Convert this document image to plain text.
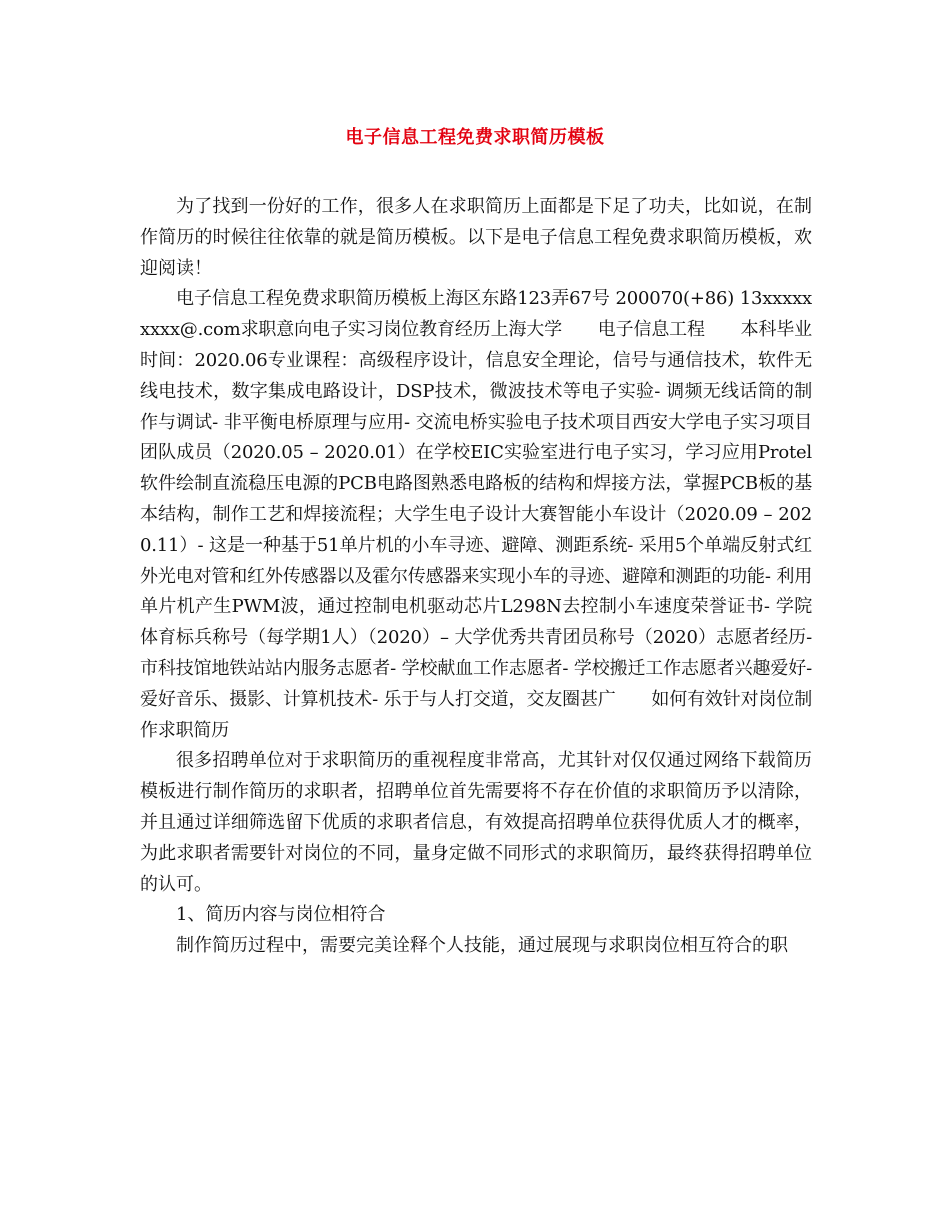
电子信息工程免费求职简历模板

为了找到一份好的工作，很多人在求职简历上面都是下足了功夫，比如说，在制作简历的时候往往依靠的就是简历模板。以下是电子信息工程免费求职简历模板，欢迎阅读！

电子信息工程免费求职简历模板上海区东路123弄67号 200070(+86) 13xxxxxxxxx@.com求职意向电子实习岗位教育经历上海大学　　电子信息工程　　本科毕业时间：2020.06专业课程：高级程序设计，信息安全理论，信号与通信技术，软件无线电技术，数字集成电路设计，DSP技术，微波技术等电子实验- 调频无线话筒的制作与调试- 非平衡电桥原理与应用- 交流电桥实验电子技术项目西安大学电子实习项目团队成员（2020.05 – 2020.01）在学校EIC实验室进行电子实习，学习应用Protel软件绘制直流稳压电源的PCB电路图熟悉电路板的结构和焊接方法，掌握PCB板的基本结构，制作工艺和焊接流程；大学生电子设计大赛智能小车设计（2020.09 – 2020.11）- 这是一种基于51单片机的小车寻迹、避障、测距系统- 采用5个单端反射式红外光电对管和红外传感器以及霍尔传感器来实现小车的寻迹、避障和测距的功能- 利用单片机产生PWM波，通过控制电机驱动芯片L298N去控制小车速度荣誉证书- 学院体育标兵称号（每学期1人）（2020）– 大学优秀共青团员称号（2020）志愿者经历- 市科技馆地铁站站内服务志愿者- 学校献血工作志愿者- 学校搬迁工作志愿者兴趣爱好- 爱好音乐、摄影、计算机技术- 乐于与人打交道，交友圈甚广　　如何有效针对岗位制作求职简历

很多招聘单位对于求职简历的重视程度非常高，尤其针对仅仅通过网络下载简历模板进行制作简历的求职者，招聘单位首先需要将不存在价值的求职简历予以清除，并且通过详细筛选留下优质的求职者信息，有效提高招聘单位获得优质人才的概率，为此求职者需要针对岗位的不同，量身定做不同形式的求职简历，最终获得招聘单位的认可。

1、简历内容与岗位相符合

制作简历过程中，需要完美诠释个人技能，通过展现与求职岗位相互符合的职
